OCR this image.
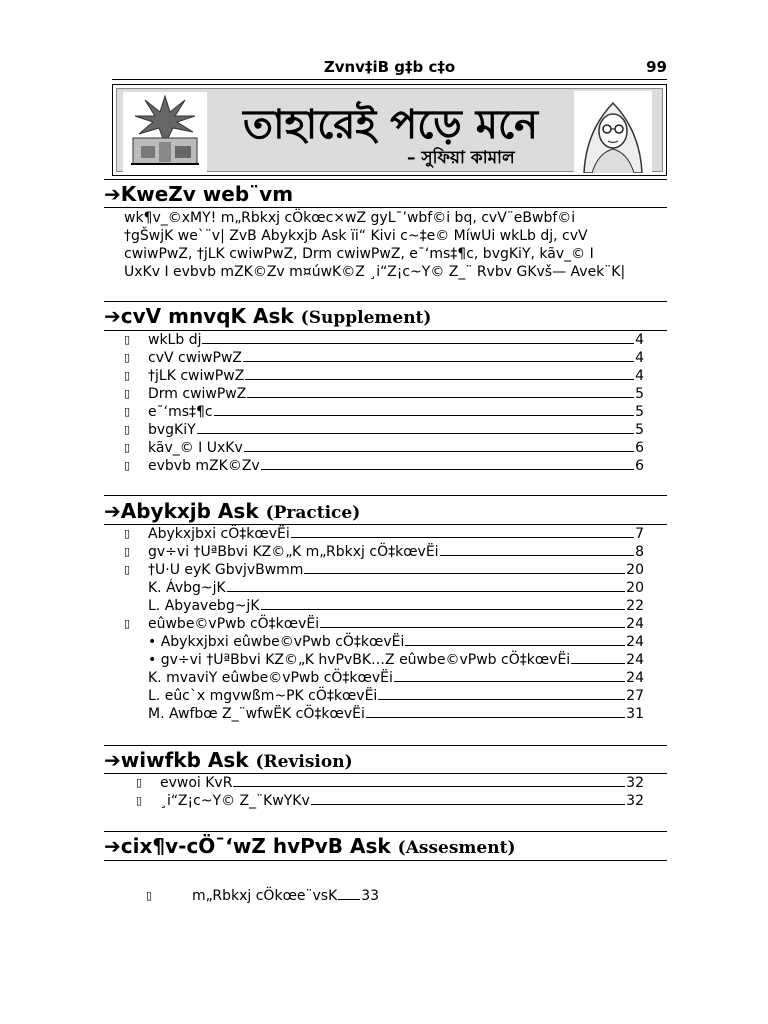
Zvnv‡iB g‡b c‡o	99
তাহারেই পড়ে মনে
– সুফিয়া কামাল
➔KweZv web¨vm
wk¶v_©xMY! m„Rbkxj cÖkœc×wZ gyL¯’wbf©i bq, cvV¨eBwbf©i
†gŠwjK we`¨v| ZvB Abykxjb Ask ïi“ Kivi c~‡e© MíwUi wkLb dj, cvV
cwiwPwZ, †jLK cwiwPwZ, Drm cwiwPwZ, e¯‘ms‡¶c, bvgKiY, kãv_© I
UxKv I evbvb mZK©Zv m¤úwK©Z ¸i“Z¡c~Y© Z_¨ Rvbv GKvš— Avek¨K|
➔cvV mnvqK Ask (Supplement)
▯	wkLb dj	4
▯	cvV cwiwPwZ	4
▯	†jLK cwiwPwZ	4
▯	Drm cwiwPwZ	5
▯	e¯‘ms‡¶c	5
▯	bvgKiY	5
▯	kãv_© I UxKv	6
▯	evbvb mZK©Zv	6
➔Abykxjb Ask (Practice)
▯	Abykxjbxi cÖ‡kœvËi	7
▯	gv÷vi †UªBbvi KZ©„K m„Rbkxj cÖ‡kœvËi	8
▯	†U·U eyK GbvjvBwmm	20
K. Ávbg~jK	20
L. Abyavebg~jK	22
▯	eûwbe©vPwb cÖ‡kœvËi	24
• Abykxjbxi eûwbe©vPwb cÖ‡kœvËi	24
• gv÷vi †UªBbvi KZ©„K hvPvBK…Z eûwbe©vPwb cÖ‡kœvËi	24
K. mvaviY eûwbe©vPwb cÖ‡kœvËi	24
L. eûc`x mgvwßm~PK cÖ‡kœvËi	27
M. Awfbœ Z_¨wfwËK cÖ‡kœvËi	31
➔wiwfkb Ask (Revision)
▯	evwoi KvR	32
▯	¸i“Z¡c~Y© Z_¨KwYKv	32
➔cix¶v-cÖ¯‘wZ hvPvB Ask (Assesment)
▯	m„Rbkxj cÖkœe¨vsK 33
